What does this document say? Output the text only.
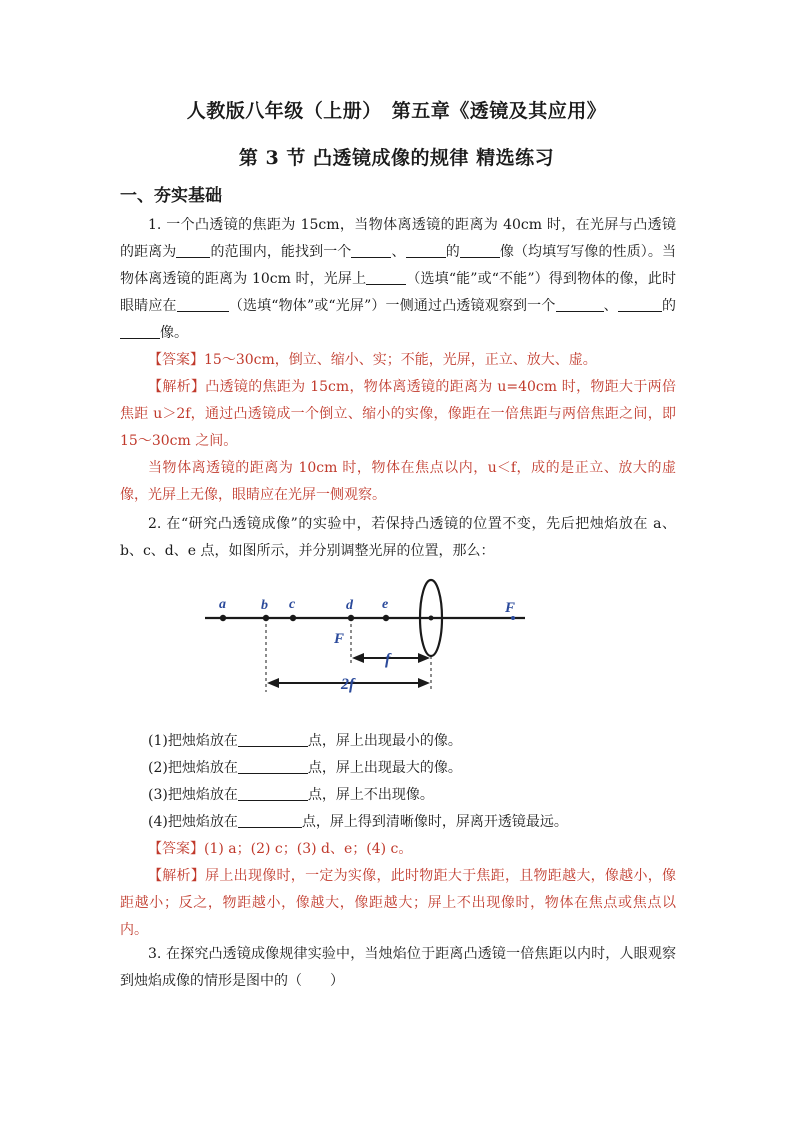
人教版八年级（上册）　第五章《透镜及其应用》
第 3 节 凸透镜成像的规律 精选练习
一、夯实基础
1. 一个凸透镜的焦距为 15cm，当物体离透镜的距离为 40cm 时，在光屏与凸透镜的距离为 的范围内，能找到一个	、	的	像（均填写写像的性质）。当物体离透镜的距离为 10cm 时，光屏上	（选填“能”或“不能”）得到物体的像，此时眼睛应在	（选填“物体”或“光屏”）一侧通过凸透镜观察到一个	、	的像。
【答案】15～30cm，倒立、缩小、实；不能，光屏，正立、放大、虚。
【解析】凸透镜的焦距为 15cm，物体离透镜的距离为 u=40cm 时，物距大于两倍焦距 u＞2f，通过凸透镜成一个倒立、缩小的实像，像距在一倍焦距与两倍焦距之间，即 15～30cm 之间。
当物体离透镜的距离为 10cm 时，物体在焦点以内，u＜f，成的是正立、放大的虚像，光屏上无像，眼睛应在光屏一侧观察。
2. 在“研究凸透镜成像”的实验中，若保持凸透镜的位置不变，先后把烛焰放在 a、b、c、d、e 点，如图所示，并分别调整光屏的位置，那么：
a	b c	d e	F
F
f
2f
(1)把烛焰放在	点，屏上出现最小的像。
(2)把烛焰放在	点，屏上出现最大的像。
(3)把烛焰放在	点，屏上不出现像。
(4)把烛焰放在	点，屏上得到清晰像时，屏离开透镜最远。
【答案】(1) a；(2) c；(3) d、e；(4) c。
【解析】屏上出现像时，一定为实像，此时物距大于焦距，且物距越大，像越小，像距越小；反之，物距越小，像越大，像距越大；屏上不出现像时，物体在焦点或焦点以内。
3. 在探究凸透镜成像规律实验中，当烛焰位于距离凸透镜一倍焦距以内时，人眼观察到烛焰成像的情形是图中的（　　）
